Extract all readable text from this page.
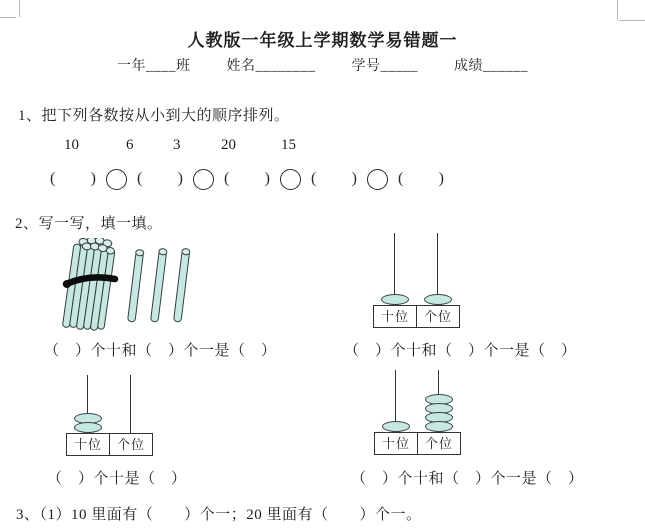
人教版一年级上学期数学易错题一
一年____班	姓名________	学号_____	成绩______
1、把下列各数按从小到大的顺序排列。
10	6	3	20	15
( )	( )	( )	( )	( )
2、写一写，填一填。
十位	个位
（　）个十和（　）个一是（　）	（　）个十和（　）个一是（　）
十位	个位	十位	个位
（　）个十是（　）	（　）个十和（　）个一是（　）
3、（1）10 里面有（　　）个一；20 里面有（　　）个一。
